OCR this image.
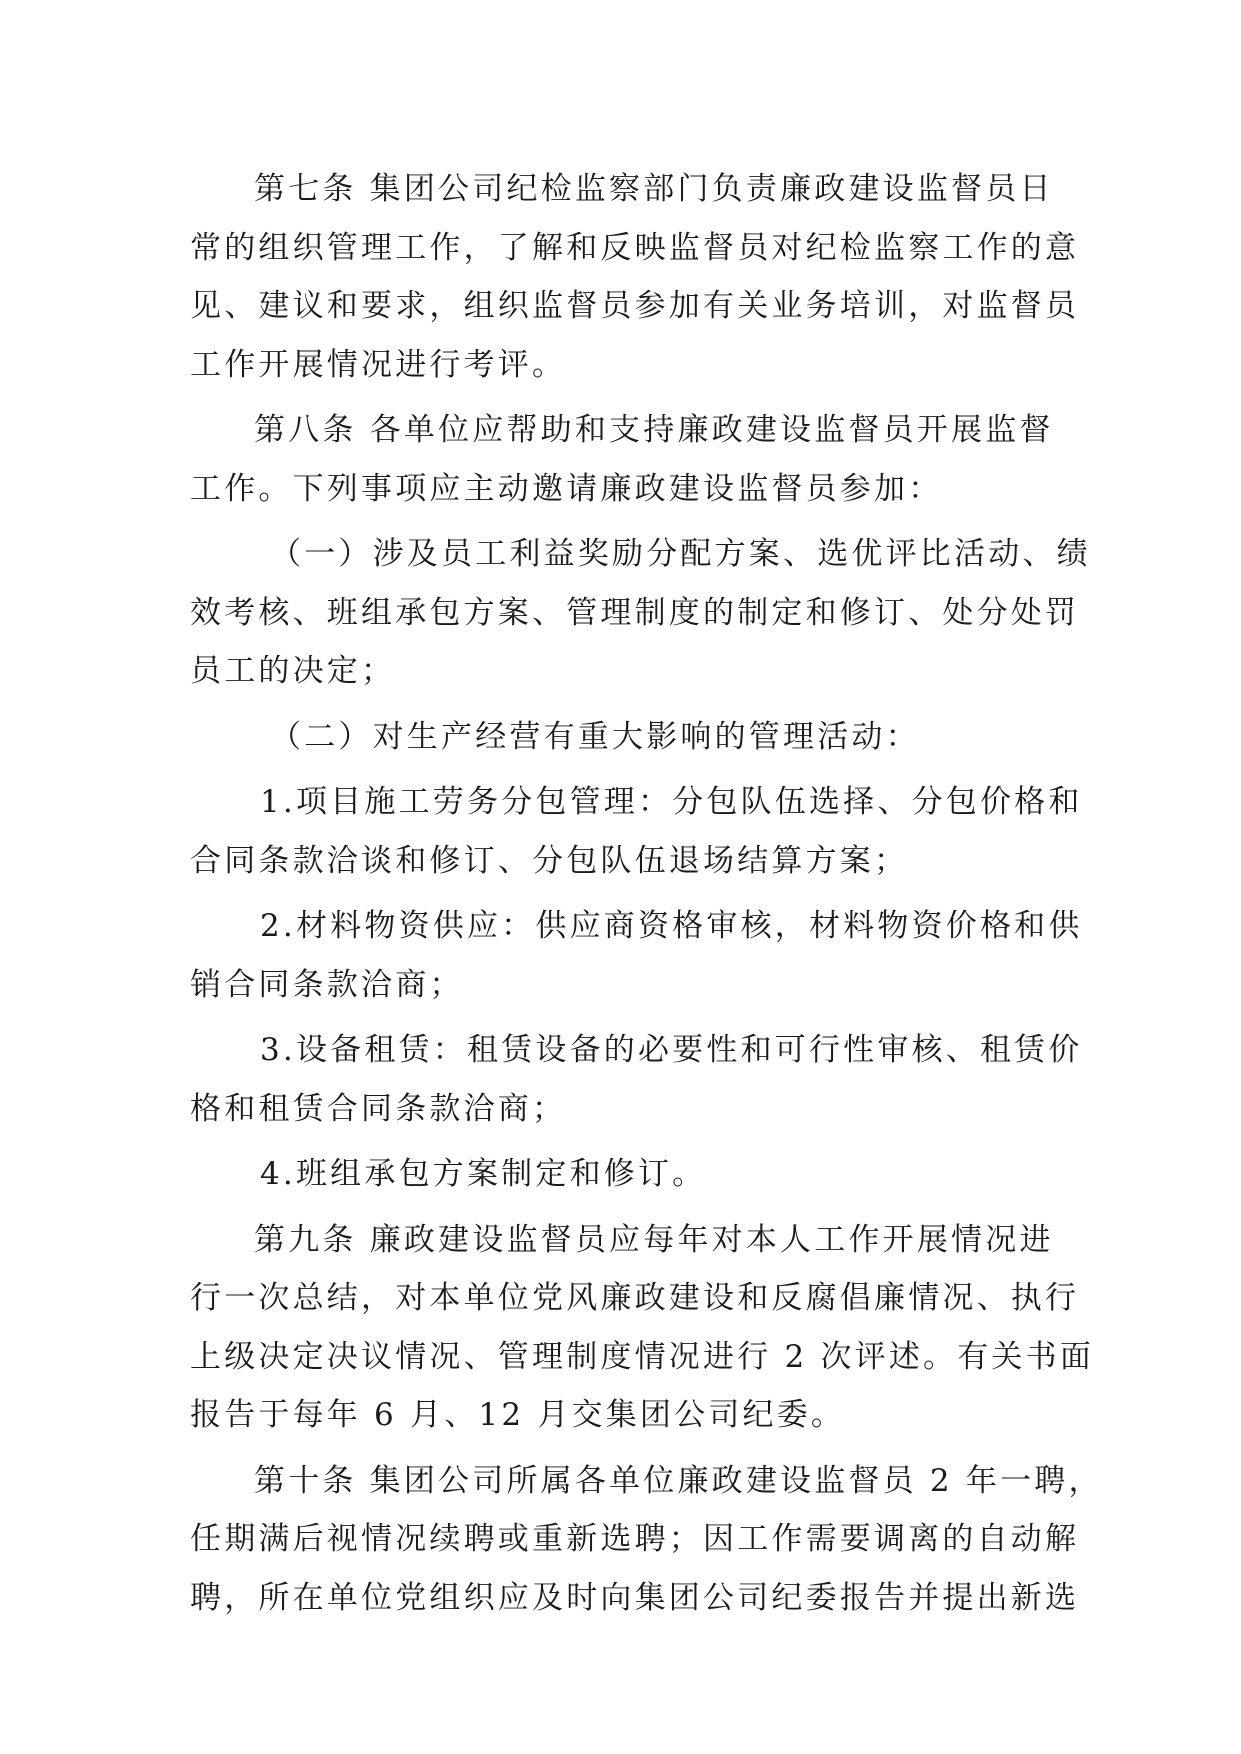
第七条 集团公司纪检监察部门负责廉政建设监督员日
常的组织管理工作，了解和反映监督员对纪检监察工作的意
见、建议和要求，组织监督员参加有关业务培训，对监督员
工作开展情况进行考评。
第八条 各单位应帮助和支持廉政建设监督员开展监督
工作。下列事项应主动邀请廉政建设监督员参加：
（一）涉及员工利益奖励分配方案、选优评比活动、绩
效考核、班组承包方案、管理制度的制定和修订、处分处罚
员工的决定；
（二）对生产经营有重大影响的管理活动：
1.项目施工劳务分包管理：分包队伍选择、分包价格和
合同条款洽谈和修订、分包队伍退场结算方案；
2.材料物资供应：供应商资格审核，材料物资价格和供
销合同条款洽商；
3.设备租赁：租赁设备的必要性和可行性审核、租赁价
格和租赁合同条款洽商；
4.班组承包方案制定和修订。
第九条 廉政建设监督员应每年对本人工作开展情况进
行一次总结，对本单位党风廉政建设和反腐倡廉情况、执行
上级决定决议情况、管理制度情况进行 2 次评述。有关书面
报告于每年 6 月、12 月交集团公司纪委。
第十条 集团公司所属各单位廉政建设监督员 2 年一聘，
任期满后视情况续聘或重新选聘；因工作需要调离的自动解
聘，所在单位党组织应及时向集团公司纪委报告并提出新选
